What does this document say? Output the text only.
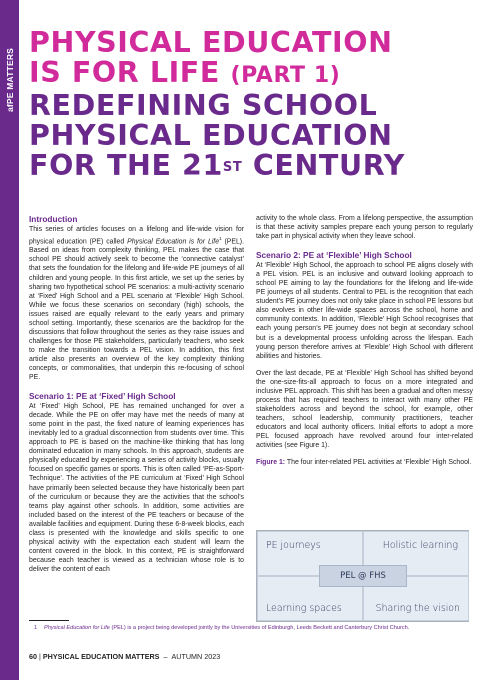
afPE MATTERS
PHYSICAL EDUCATION
IS FOR LIFE (PART 1)
REDEFINING SCHOOL
PHYSICAL EDUCATION
FOR THE 21ST CENTURY
Introduction

This series of articles focuses on a lifelong and life-wide vision for physical education (PE) called Physical Education is for Life$^1$ (PEL). Based on ideas from complexity thinking, PEL makes the case that school PE should actively seek to become the ‘connective catalyst’ that sets the foundation for the lifelong and life-wide PE journeys of all children and young people. In this first article, we set up the series by sharing two hypothetical school PE scenarios: a multi-activity scenario at ‘Fixed’ High School and a PEL scenario at ‘Flexible’ High School. While we focus these scenarios on secondary (high) schools, the issues raised are equally relevant to the early years and primary school setting. Importantly, these scenarios are the backdrop for the discussions that follow throughout the series as they raise issues and challenges for those PE stakeholders, particularly teachers, who seek to make the transition towards a PEL vision. In addition, this first article also presents an overview of the key complexity thinking concepts, or commonalities, that underpin this re-focusing of school PE.

Scenario 1: PE at ‘Fixed’ High School

At ‘Fixed’ High School, PE has remained unchanged for over a decade. While the PE on offer may have met the needs of many at some point in the past, the fixed nature of learning experiences has inevitably led to a gradual disconnection from students over time. This approach to PE is based on the machine-like thinking that has long dominated education in many schools. In this approach, students are physically educated by experiencing a series of activity blocks, usually focused on specific games or sports. This is often called ‘PE-as-Sport-Technique’. The activities of the PE curriculum at ‘Fixed’ High School have primarily been selected because they have historically been part of the curriculum or because they are the activities that the school’s teams play against other schools. In addition, some activities are included based on the interest of the PE teachers or because of the available facilities and equipment. During these 6-8-week blocks, each class is presented with the knowledge and skills specific to one physical activity with the expectation each student will learn the content covered in the block. In this context, PE is straightforward because each teacher is viewed as a technician whose role is to deliver the content of each

activity to the whole class. From a lifelong perspective, the assumption is that these activity samples prepare each young person to regularly take part in physical activity when they leave school.

Scenario 2: PE at ‘Flexible’ High School

At ‘Flexible’ High School, the approach to school PE aligns closely with a PEL vision. PEL is an inclusive and outward looking approach to school PE aiming to lay the foundations for the lifelong and life-wide PE journeys of all students. Central to PEL is the recognition that each student’s PE journey does not only take place in school PE lessons but also evolves in other life-wide spaces across the school, home and community contexts. In addition, ‘Flexible’ High School recognises that each young person’s PE journey does not begin at secondary school but is a developmental process unfolding across the lifespan. Each young person therefore arrives at ‘Flexible’ High School with different abilities and histories.

Over the last decade, PE at ‘Flexible’ High School has shifted beyond the one-size-fits-all approach to focus on a more integrated and inclusive PEL approach. This shift has been a gradual and often messy process that has required teachers to interact with many other PE stakeholders across and beyond the school, for example, other teachers, school leadership, community practitioners, teacher educators and local authority officers. Initial efforts to adopt a more PEL focused approach have revolved around four inter-related activities (see Figure 1).

Figure 1: The four inter-related PEL activities at ‘Flexible’ High School.

PE journeys	Holistic learning
Learning spaces	Sharing the vision
PEL @ FHS
1	Physical Education for Life (PEL) is a project being developed jointly by the Universities of Edinburgh, Leeds Beckett and Canterbury Christ Church.
60 | PHYSICAL EDUCATION MATTERS – AUTUMN 2023
